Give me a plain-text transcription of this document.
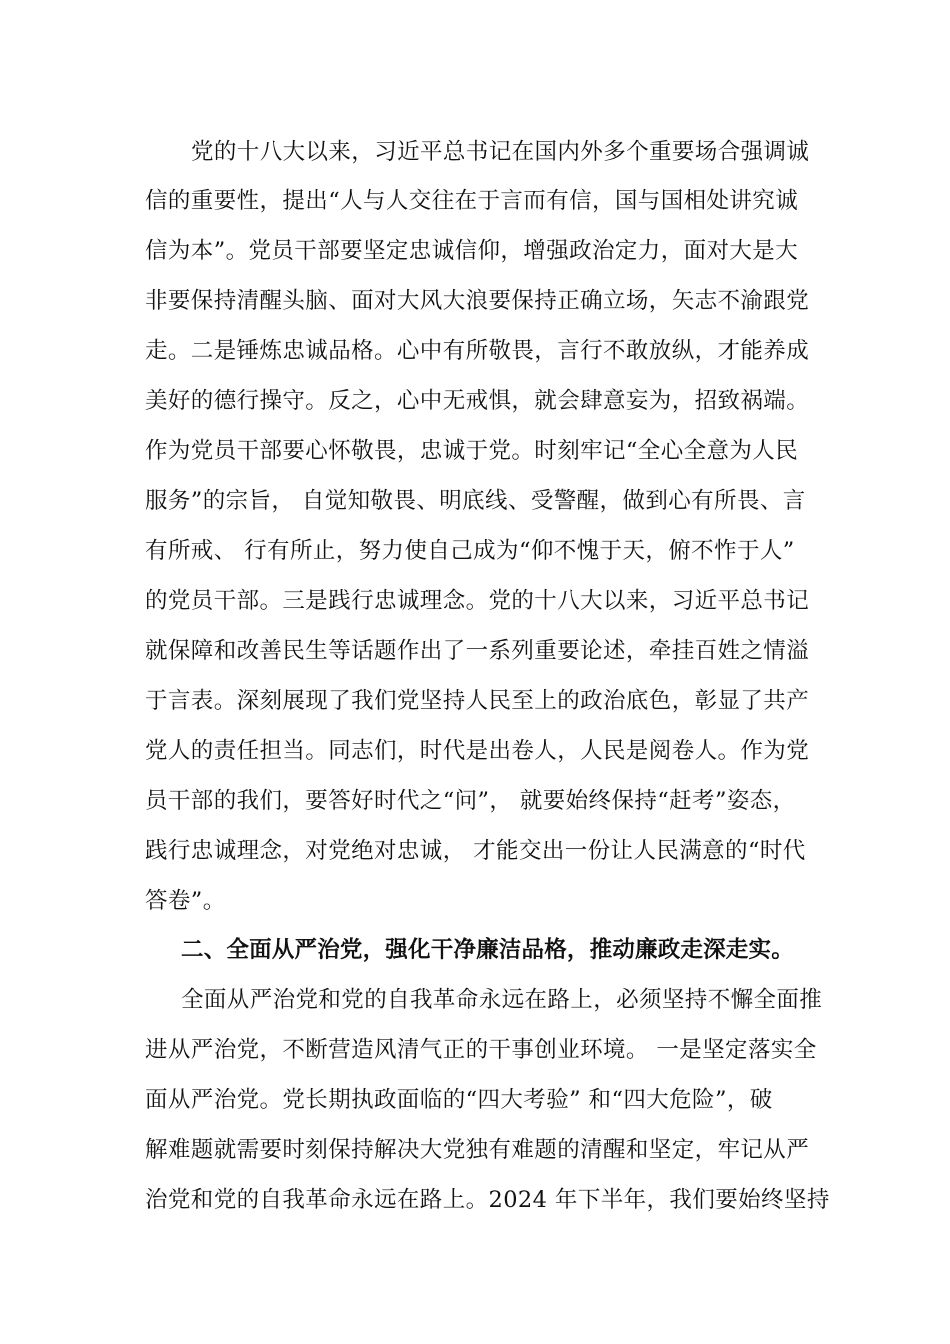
党的十八大以来，习近平总书记在国内外多个重要场合强调诚
信的重要性，提出“人与人交往在于言而有信，国与国相处讲究诚
信为本”。党员干部要坚定忠诚信仰，增强政治定力，面对大是大
非要保持清醒头脑、面对大风大浪要保持正确立场，矢志不渝跟党
走。二是锤炼忠诚品格。心中有所敬畏，言行不敢放纵，才能养成
美好的德行操守。反之，心中无戒惧，就会肆意妄为，招致祸端。
作为党员干部要心怀敬畏，忠诚于党。时刻牢记“全心全意为人民
服务”的宗旨， 自觉知敬畏、明底线、受警醒，做到心有所畏、言
有所戒、 行有所止，努力使自己成为“仰不愧于天，俯不怍于人”
的党员干部。三是践行忠诚理念。党的十八大以来，习近平总书记
就保障和改善民生等话题作出了一系列重要论述，牵挂百姓之情溢
于言表。深刻展现了我们党坚持人民至上的政治底色，彰显了共产
党人的责任担当。同志们，时代是出卷人，人民是阅卷人。作为党
员干部的我们，要答好时代之“问”， 就要始终保持“赶考”姿态，
践行忠诚理念，对党绝对忠诚， 才能交出一份让人民满意的“时代
答卷”。
二、全面从严治党，强化干净廉洁品格，推动廉政走深走实。
全面从严治党和党的自我革命永远在路上，必须坚持不懈全面推
进从严治党，不断营造风清气正的干事创业环境。 一是坚定落实全
面从严治党。党长期执政面临的“四大考验” 和“四大危险”，破
解难题就需要时刻保持解决大党独有难题的清醒和坚定，牢记从严
治党和党的自我革命永远在路上。2024 年下半年，我们要始终坚持
